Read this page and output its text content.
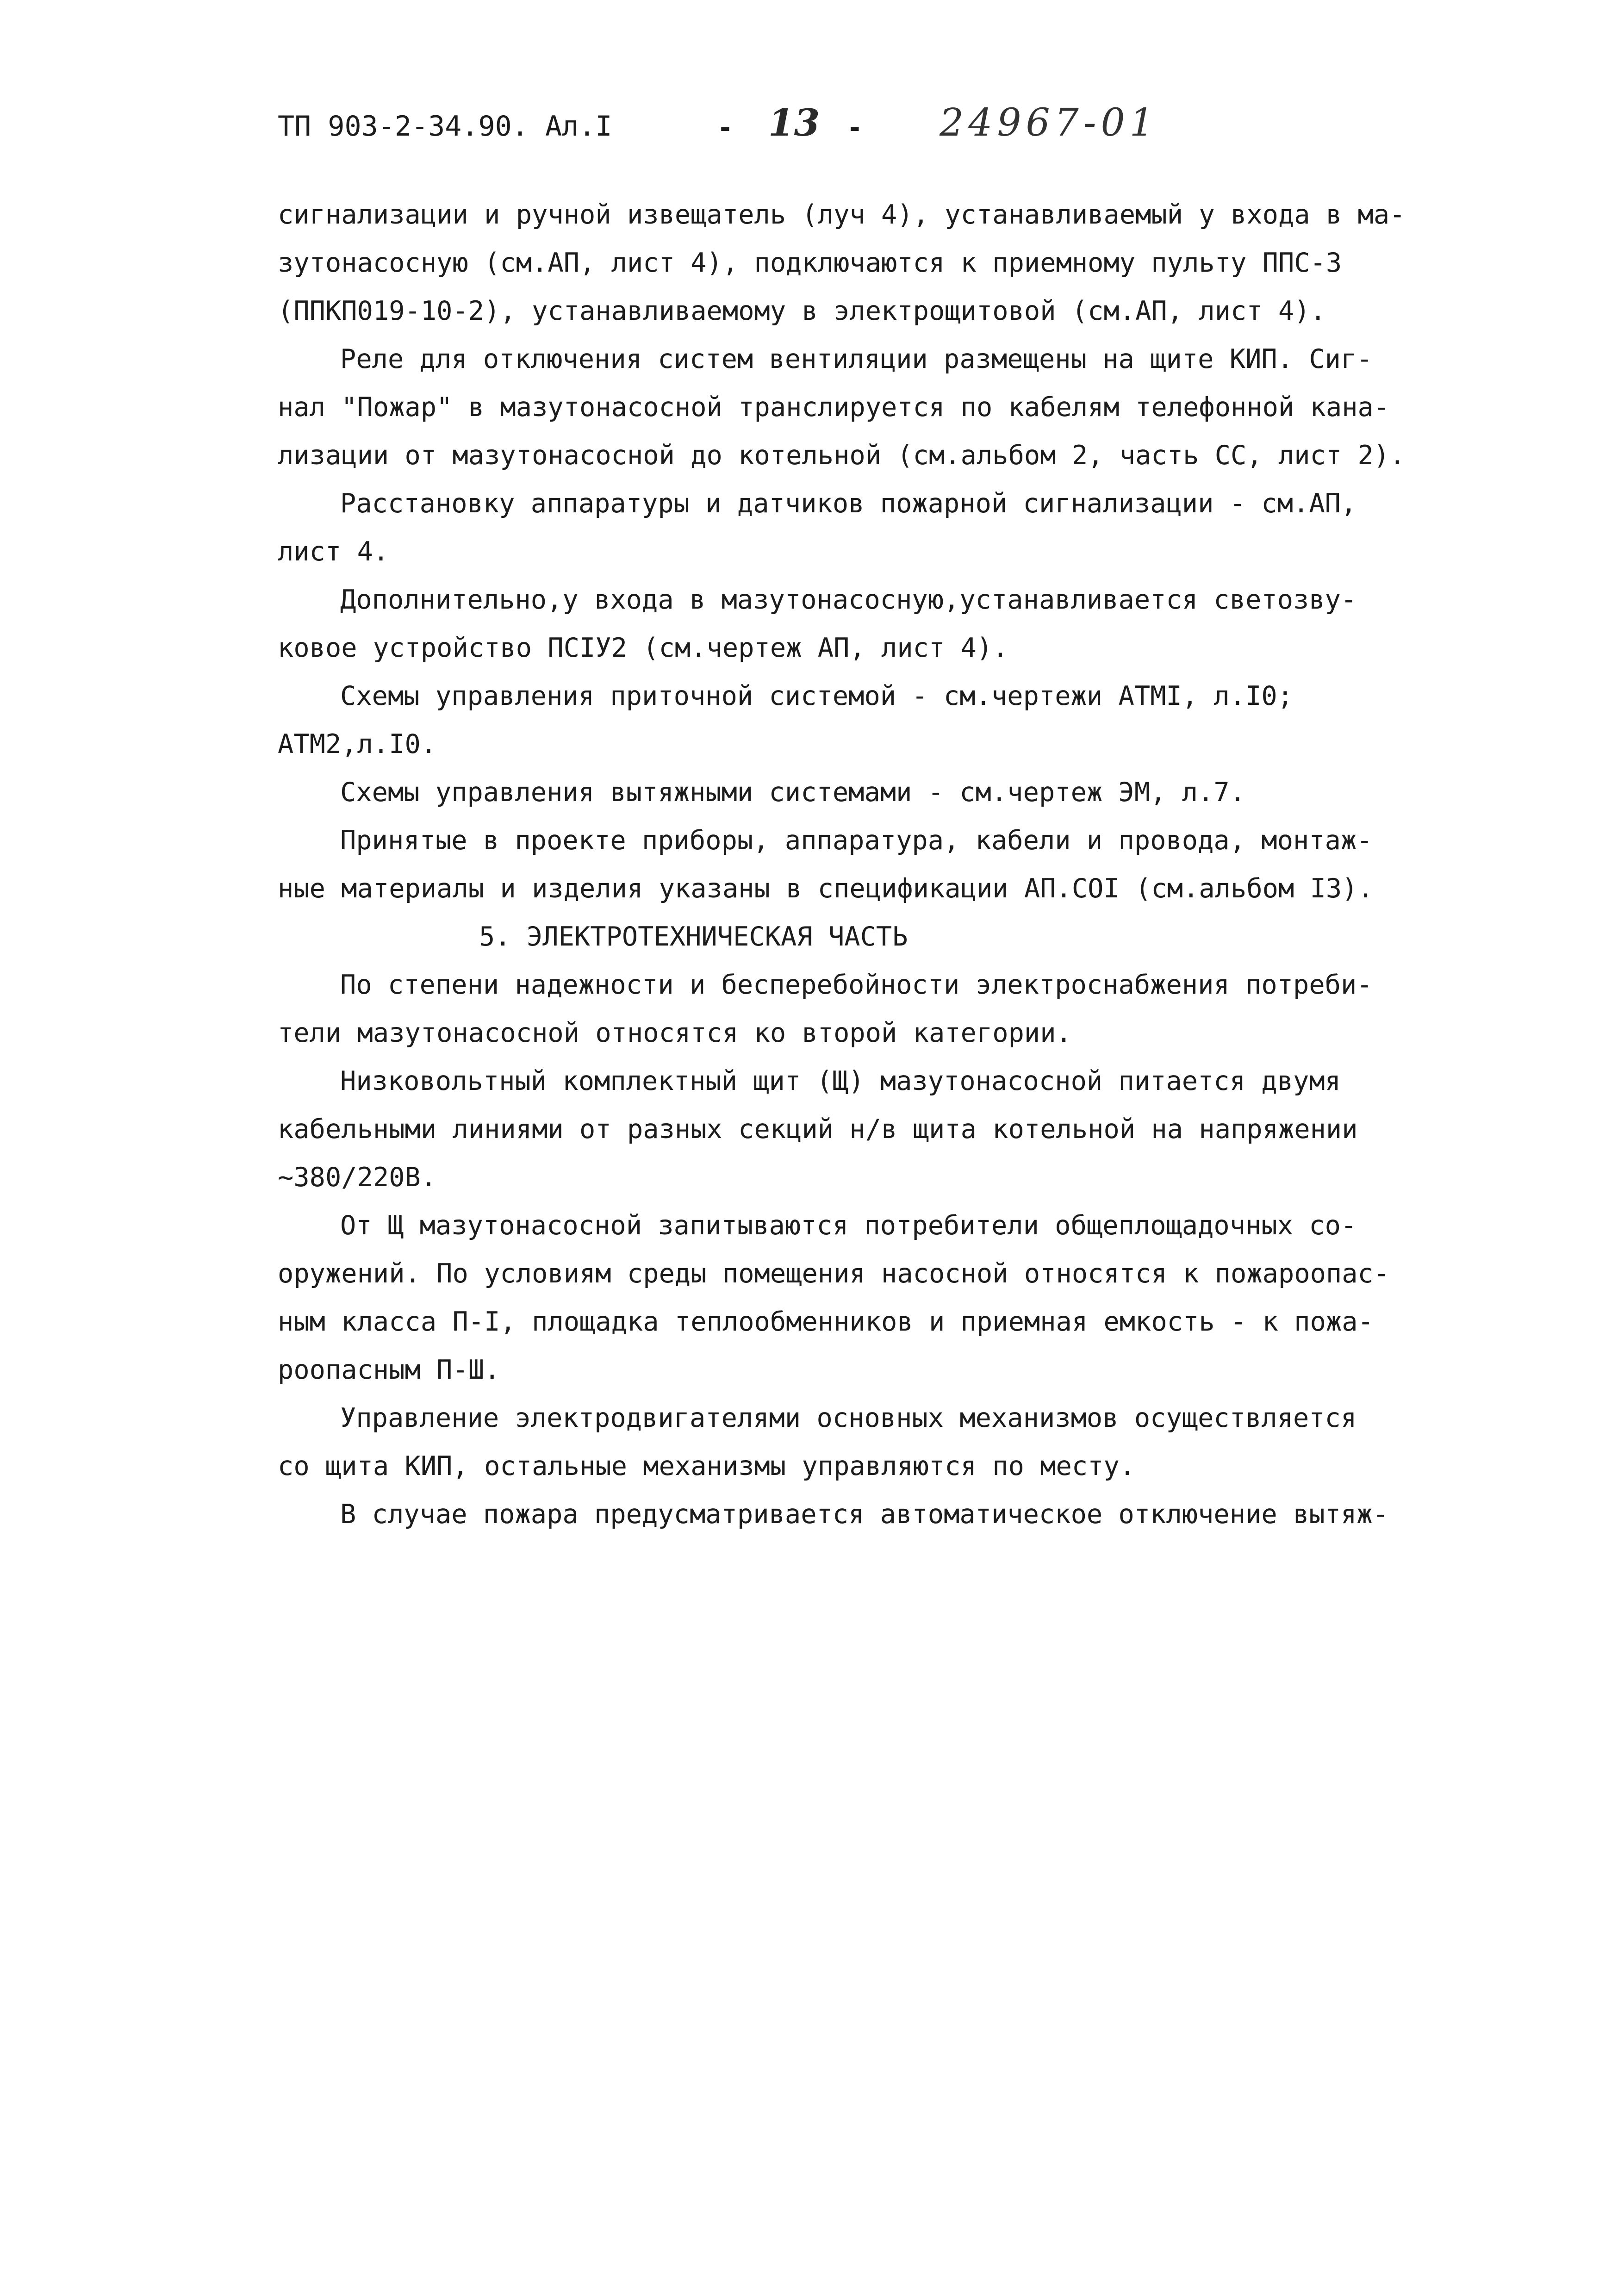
ТП 903-2-34.90. Ал.I	- 13 - 24967-01
сигнализации и ручной извещатель (луч 4), устанавливаемый у входа в ма-
зутонасосную (см.АП, лист 4), подключаются к приемному пульту ППС-3
(ППКП019-10-2), устанавливаемому в электрощитовой (см.АП, лист 4).
Реле для отключения систем вентиляции размещены на щите КИП. Сиг-
нал "Пожар" в мазутонасосной транслируется по кабелям телефонной кана-
лизации от мазутонасосной до котельной (см.альбом 2, часть СС, лист 2).
Расстановку аппаратуры и датчиков пожарной сигнализации - см.АП,
лист 4.
Дополнительно,у входа в мазутонасосную,устанавливается светозву-
ковое устройство ПСIУ2 (см.чертеж АП, лист 4).
Схемы управления приточной системой - см.чертежи АТМI, л.I0;
АТМ2,л.I0.
Схемы управления вытяжными системами - см.чертеж ЭМ, л.7.
Принятые в проекте приборы, аппаратура, кабели и провода, монтаж-
ные материалы и изделия указаны в спецификации АП.СОI (см.альбом I3).
5. ЭЛЕКТРОТЕХНИЧЕСКАЯ ЧАСТЬ
По степени надежности и бесперебойности электроснабжения потреби-
тели мазутонасосной относятся ко второй категории.
Низковольтный комплектный щит (Щ) мазутонасосной питается двумя
кабельными линиями от разных секций н/в щита котельной на напряжении
~380/220В.
От Щ мазутонасосной запитываются потребители общеплощадочных со-
оружений. По условиям среды помещения насосной относятся к пожароопас-
ным класса П-I, площадка теплообменников и приемная емкость - к пожа-
роопасным П-Ш.
Управление электродвигателями основных механизмов осуществляется
со щита КИП, остальные механизмы управляются по месту.
В случае пожара предусматривается автоматическое отключение вытяж-
